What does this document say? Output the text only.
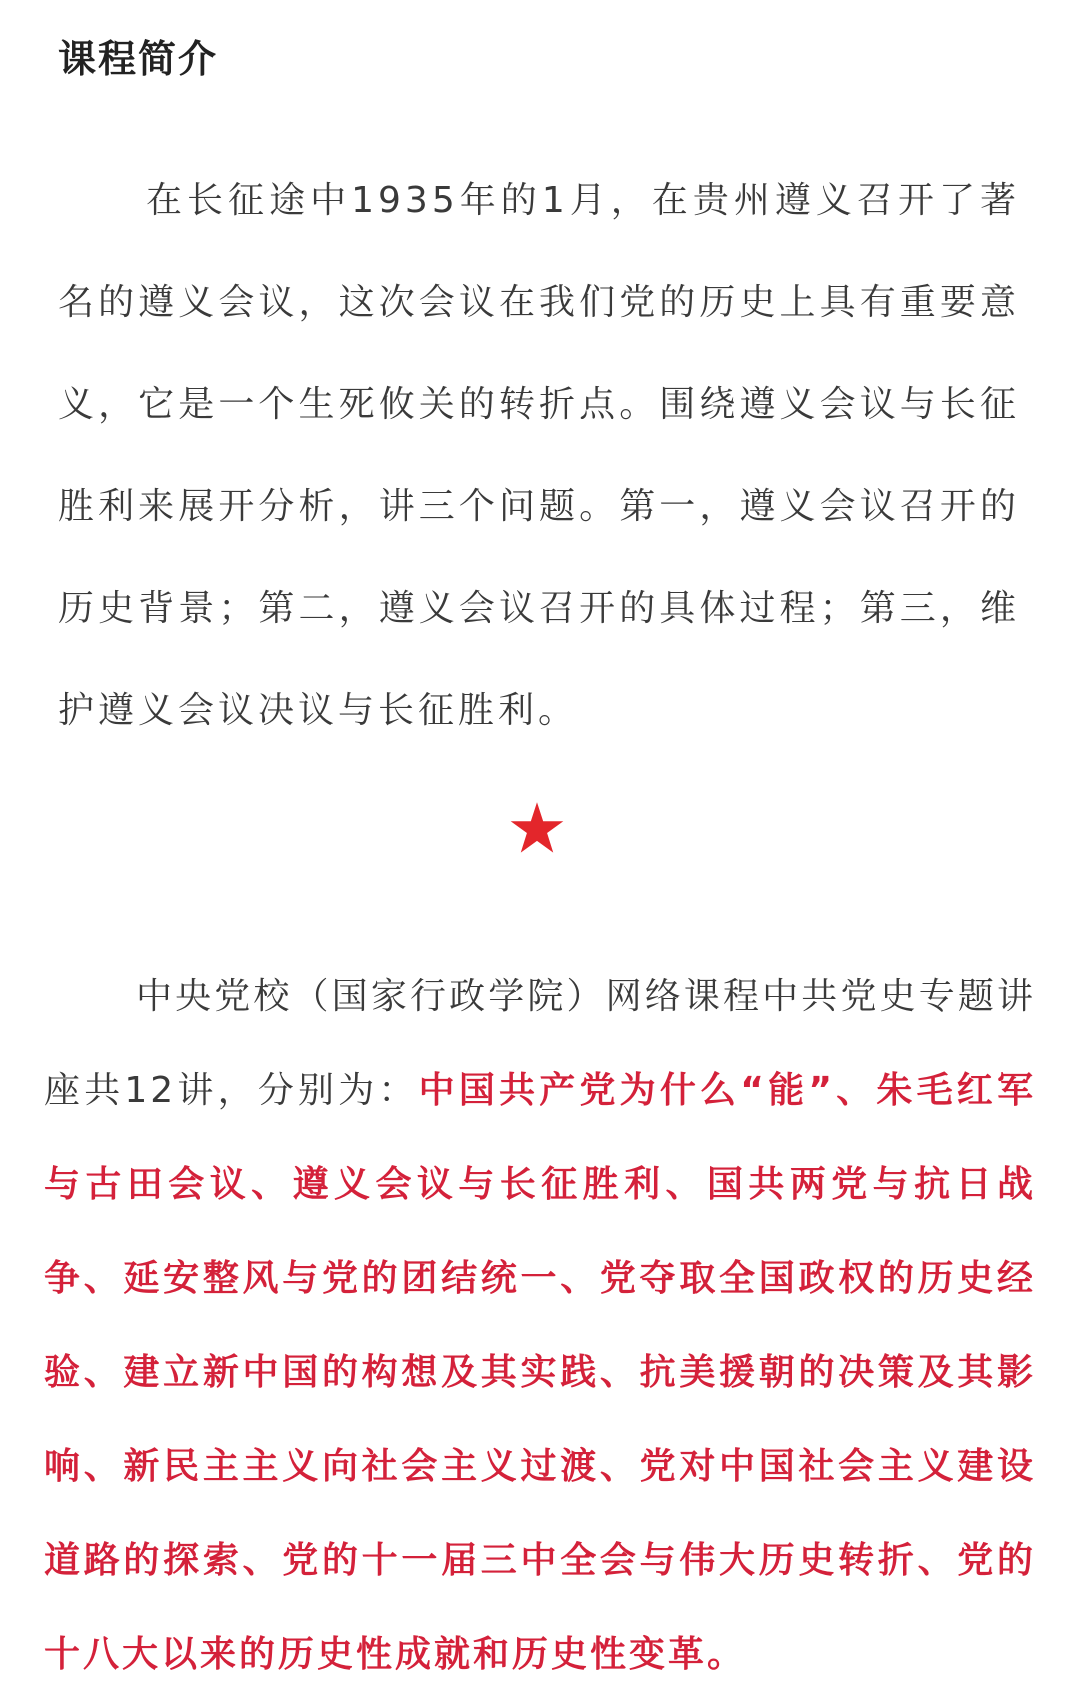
课程简介

在长征途中1935年的1月，在贵州遵义召开了著名的遵义会议，这次会议在我们党的历史上具有重要意义，它是一个生死攸关的转折点。围绕遵义会议与长征胜利来展开分析，讲三个问题。第一，遵义会议召开的历史背景；第二，遵义会议召开的具体过程；第三，维护遵义会议决议与长征胜利。

中央党校（国家行政学院）网络课程中共党史专题讲座共12讲，分别为：中国共产党为什么“能”、朱毛红军与古田会议、遵义会议与长征胜利、国共两党与抗日战争、延安整风与党的团结统一、党夺取全国政权的历史经验、建立新中国的构想及其实践、抗美援朝的决策及其影响、新民主主义向社会主义过渡、党对中国社会主义建设道路的探索、党的十一届三中全会与伟大历史转折、党的十八大以来的历史性成就和历史性变革。
